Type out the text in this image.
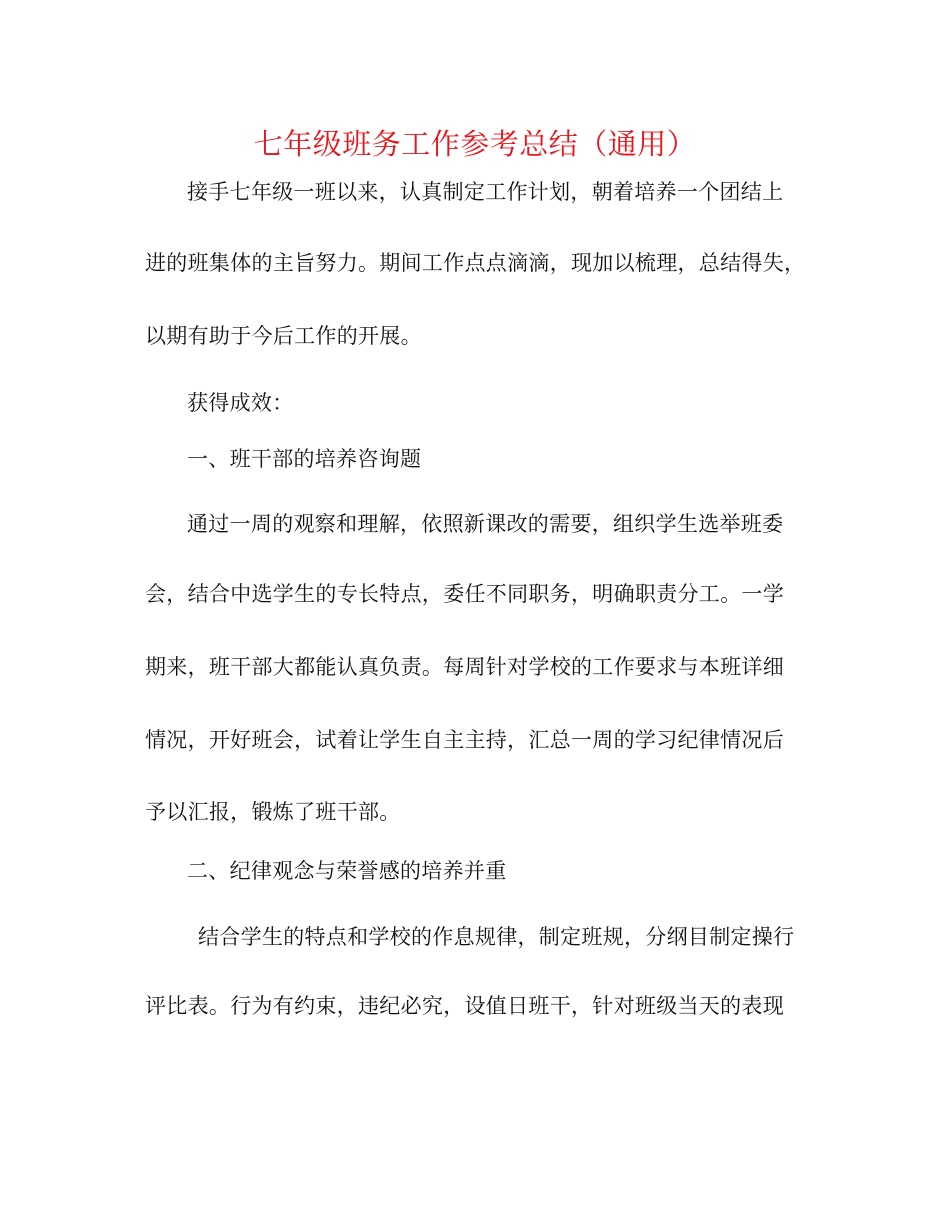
七年级班务工作参考总结（通用）
接手七年级一班以来，认真制定工作计划，朝着培养一个团结上
进的班集体的主旨努力。期间工作点点滴滴，现加以梳理，总结得失，
以期有助于今后工作的开展。
获得成效：
一、班干部的培养咨询题
通过一周的观察和理解，依照新课改的需要，组织学生选举班委
会，结合中选学生的专长特点，委任不同职务，明确职责分工。一学
期来，班干部大都能认真负责。每周针对学校的工作要求与本班详细
情况，开好班会，试着让学生自主主持，汇总一周的学习纪律情况后
予以汇报，锻炼了班干部。
二、纪律观念与荣誉感的培养并重
结合学生的特点和学校的作息规律，制定班规，分纲目制定操行
评比表。行为有约束，违纪必究，设值日班干，针对班级当天的表现
